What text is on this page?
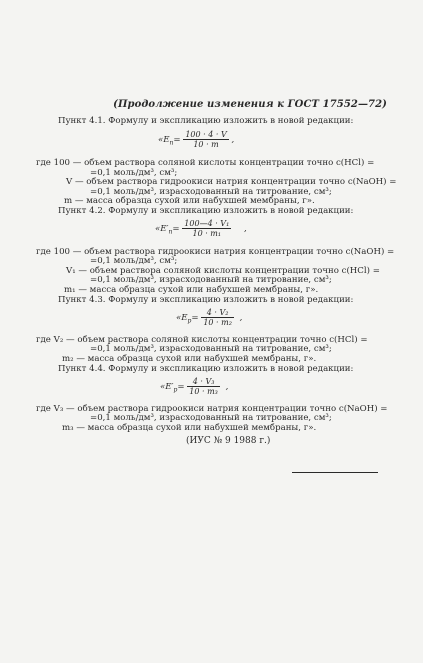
(Продолжение изменения к ГОСТ 17552—72)
Пункт 4.1. Формулу и экспликацию изложить в новой редакции:
«$E_п= \frac{100 \cdot 4 \cdot V}{10 \cdot m}$ ,
где 100 — объем раствора соляной кислоты концентрации точно c(HCl) =
=0,1 моль/дм³, см³;
V — объем раствора гидроокиси натрия концентрации точно c(NaOH) =
=0,1 моль/дм³, израсходованный на титрование, см³;
m — масса образца сухой или набухшей мембраны, г».
Пункт 4.2. Формулу и экспликацию изложить в новой редакции:
«$E'_п= \frac{\text{100—4 · V₁}}{\text{10 · m₁}}$ ,
где 100 — объем раствора гидроокиси натрия концентрации точно c(NaOH) =
=0,1 моль/дм³, см³;
V₁ — объем раствора соляной кислоты концентрации точно c(HCl) =
=0,1 моль/дм³, израсходованный на титрование, см³;
m₁ — масса образца сухой или набухшей мембраны, г».
Пункт 4.3. Формулу и экспликацию изложить в новой редакции:
«$E_р= \frac{\text{4 · V₂}}{\text{10 · m₂}}$ ,
где V₂ — объем раствора соляной кислоты концентрации точно c(HCl) =
=0,1 моль/дм³, израсходованный на титрование, см³;
m₂ — масса образца сухой или набухшей мембраны, г».
Пункт 4.4. Формулу и экспликацию изложить в новой редакции:
«$E'_р= \frac{\text{4 · V₃}}{\text{10 · m₃}}$ ,
где V₃ — объем раствора гидроокиси натрия концентрации точно c(NaOH) =
=0,1 моль/дм³, израсходованный на титрование, см³;
m₃ — масса образца сухой или набухшей мембраны, г».
(ИУС № 9 1988 г.)
